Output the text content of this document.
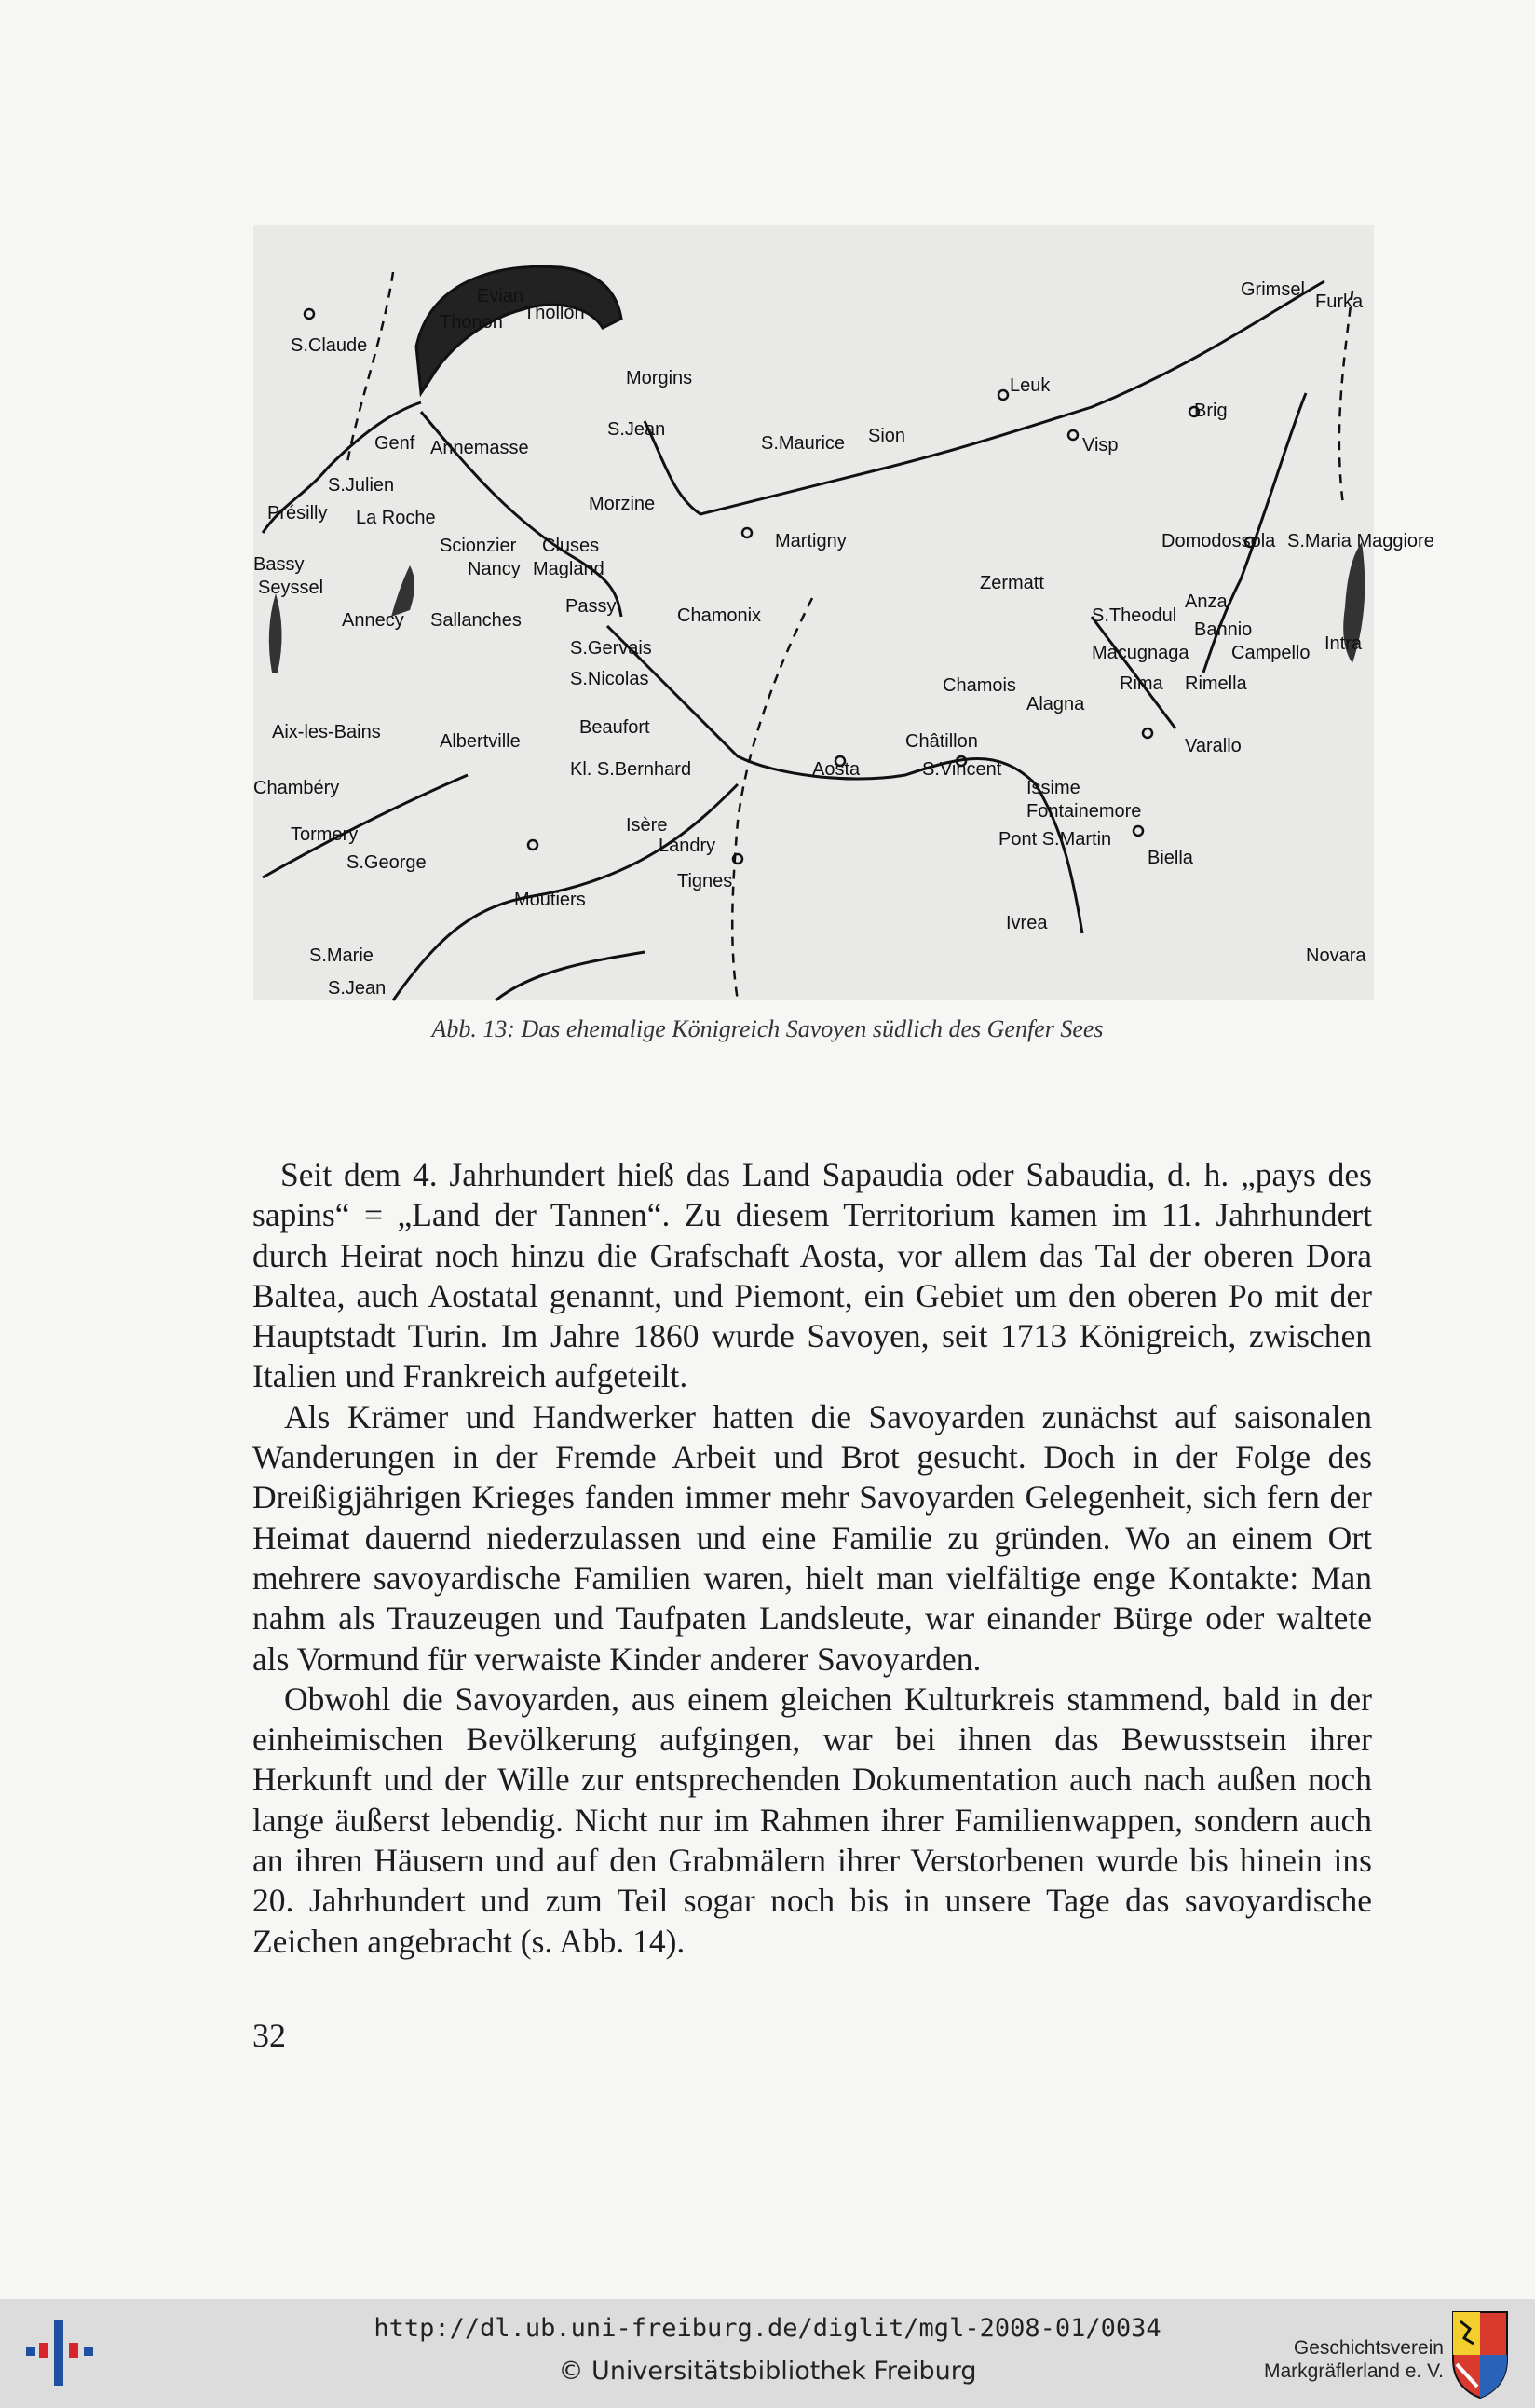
S.Claude
Evian
Thollon
Thonon
Morgins
S.Jean
Morzine
Genf Annemasse
S.Julien
Présilly La Roche
Bassy
Seyssel
Scionzier Cluses
Nancy Magland
Annecy Sallanches
Passy	Chamonix
S.Gervais
S.Nicolas
Aix-les-Bains	Albertville
Beaufort
Kl. S.Bernhard
Chambéry
Tormery
S.George
Isère
Landry
Tignes
Moutiers
S.Marie
S.Jean
S.Maurice Sion
Leuk
Grimsel
Furka
Brig
Visp
Martigny	Domodossola S.Maria Maggiore
Zermatt
S.Theodul
Anza
Bannio
Macugnaga Campello
Rima Rimella
Intra
Chamois
Châtillon
Aosta	S.Vincent
Alagna
Varallo
Issime
Fontainemore
Pont S.Martin
Biella
Ivrea
Novara
Abb. 13: Das ehemalige Königreich Savoyen südlich des Genfer Sees

Seit dem 4. Jahrhundert hieß das Land Sapaudia oder Sabaudia, d. h. „pays des sapins“ = „Land der Tannen“. Zu diesem Territorium kamen im 11. Jahrhundert durch Heirat noch hinzu die Grafschaft Aosta, vor allem das Tal der oberen Dora Baltea, auch Aostatal genannt, und Piemont, ein Gebiet um den oberen Po mit der Hauptstadt Turin. Im Jahre 1860 wurde Savoyen, seit 1713 Königreich, zwischen Italien und Frankreich aufgeteilt.

Als Krämer und Handwerker hatten die Savoyarden zunächst auf saisonalen Wanderungen in der Fremde Arbeit und Brot gesucht. Doch in der Folge des Dreißigjährigen Krieges fanden immer mehr Savoyarden Gelegenheit, sich fern der Heimat dauernd niederzulassen und eine Familie zu gründen. Wo an einem Ort mehrere savoyardische Familien waren, hielt man vielfältige enge Kontakte: Man nahm als Trauzeugen und Taufpaten Landsleute, war einander Bürge oder waltete als Vormund für verwaiste Kinder anderer Savoyarden.

Obwohl die Savoyarden, aus einem gleichen Kulturkreis stammend, bald in der einheimischen Bevölkerung aufgingen, war bei ihnen das Bewusstsein ihrer Herkunft und der Wille zur entsprechenden Dokumentation auch nach außen noch lange äußerst lebendig. Nicht nur im Rahmen ihrer Familienwappen, sondern auch an ihren Häusern und auf den Grabmälern ihrer Verstorbenen wurde bis hinein ins 20. Jahrhundert und zum Teil sogar noch bis in unsere Tage das savoyardische Zeichen angebracht (s. Abb. 14).

32
http://dl.ub.uni-freiburg.de/diglit/mgl-2008-01/0034
© Universitätsbibliothek Freiburg
Geschichtsverein
Markgräflerland e. V.
